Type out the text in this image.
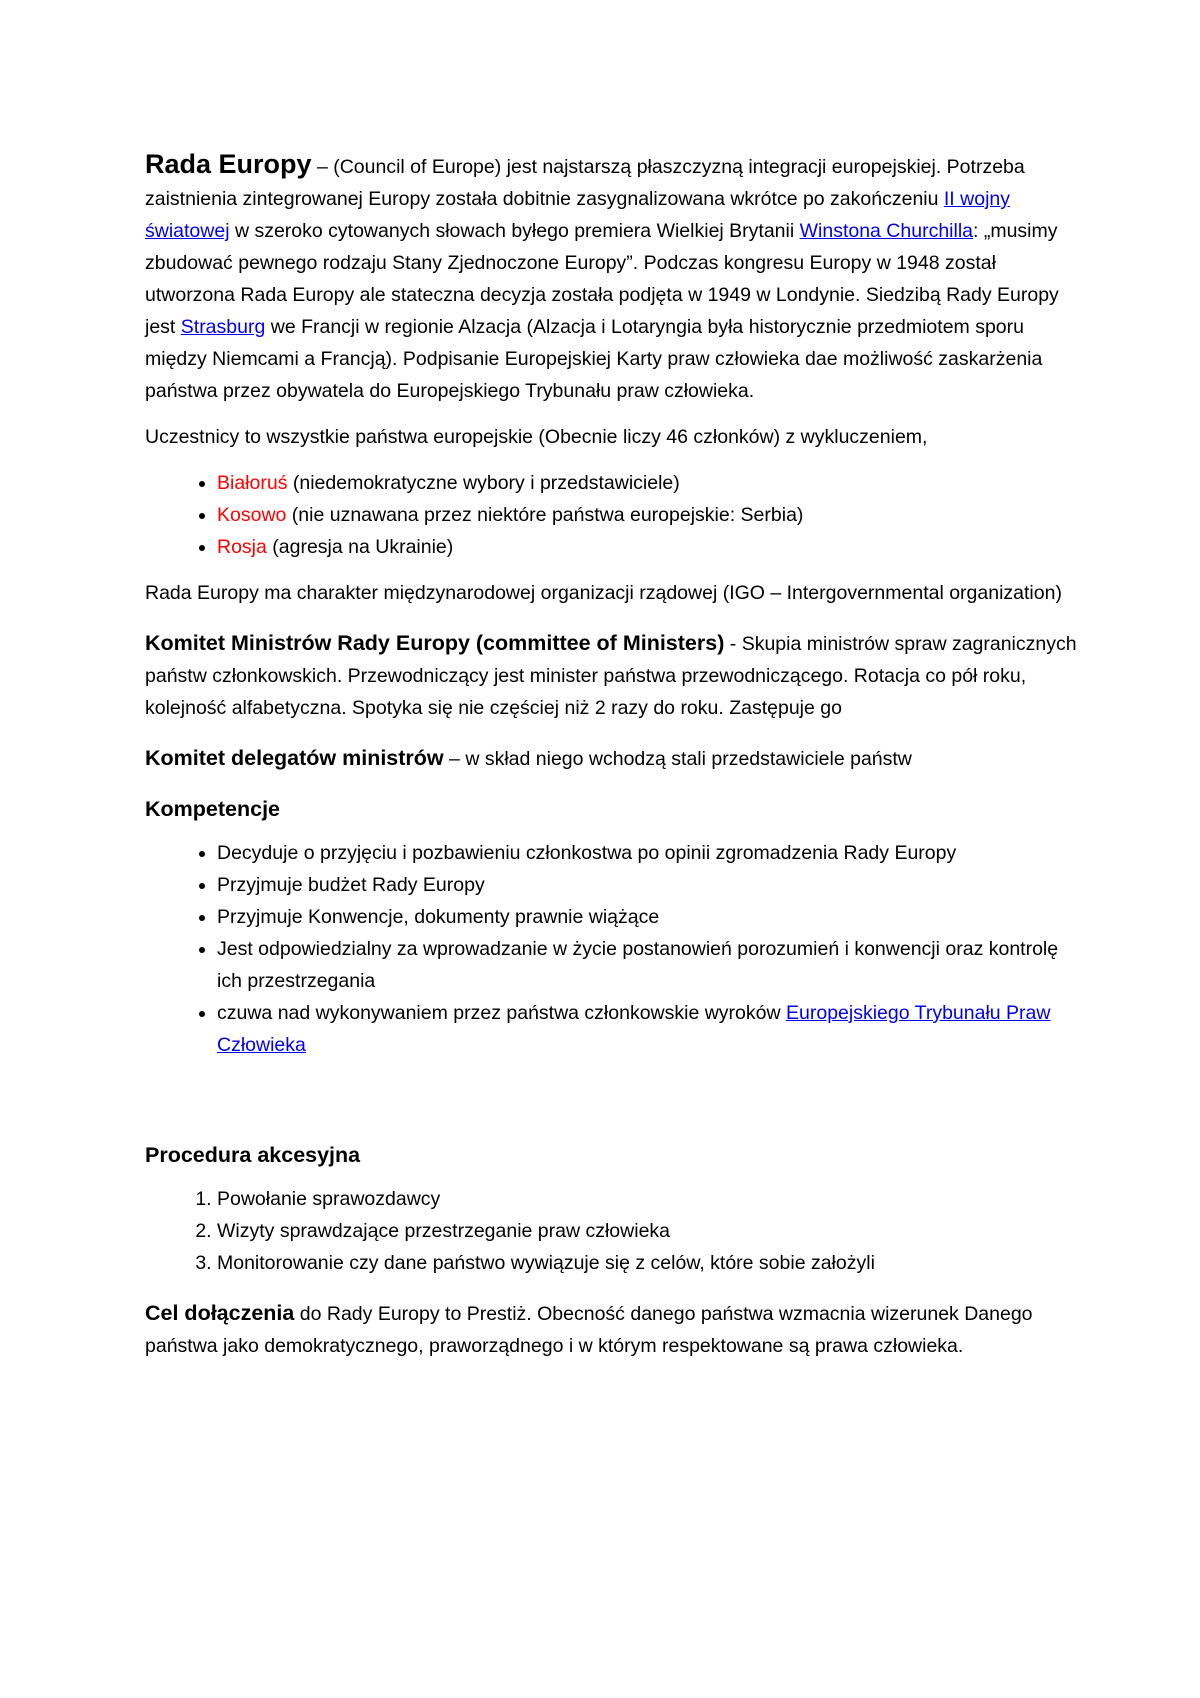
Rada Europy – (Council of Europe) jest najstarszą płaszczyzną integracji europejskiej. Potrzeba zaistnienia zintegrowanej Europy została dobitnie zasygnalizowana wkrótce po zakończeniu II wojny światowej w szeroko cytowanych słowach byłego premiera Wielkiej Brytanii Winstona Churchilla: „musimy zbudować pewnego rodzaju Stany Zjednoczone Europy”. Podczas kongresu Europy w 1948 został utworzona Rada Europy ale stateczna decyzja została podjęta w 1949 w Londynie. Siedzibą Rady Europy jest Strasburg we Francji w regionie Alzacja (Alzacja i Lotaryngia była historycznie przedmiotem sporu między Niemcami a Francją). Podpisanie Europejskiej Karty praw człowieka dae możliwość zaskarżenia państwa przez obywatela do Europejskiego Trybunału praw człowieka.

Uczestnicy to wszystkie państwa europejskie (Obecnie liczy 46 członków) z wykluczeniem,

• Białoruś (niedemokratyczne wybory i przedstawiciele)
• Kosowo (nie uznawana przez niektóre państwa europejskie: Serbia)
• Rosja (agresja na Ukrainie)

Rada Europy ma charakter międzynarodowej organizacji rządowej (IGO – Intergovernmental organization)

Komitet Ministrów Rady Europy (committee of Ministers) - Skupia ministrów spraw zagranicznych państw członkowskich. Przewodniczący jest minister państwa przewodniczącego. Rotacja co pół roku, kolejność alfabetyczna. Spotyka się nie częściej niż 2 razy do roku. Zastępuje go

Komitet delegatów ministrów – w skład niego wchodzą stali przedstawiciele państw

Kompetencje
• Decyduje o przyjęciu i pozbawieniu członkostwa po opinii zgromadzenia Rady Europy
• Przyjmuje budżet Rady Europy
• Przyjmuje Konwencje, dokumenty prawnie wiążące
• Jest odpowiedzialny za wprowadzanie w życie postanowień porozumień i konwencji oraz kontrolę ich przestrzegania
• czuwa nad wykonywaniem przez państwa członkowskie wyroków Europejskiego Trybunału Praw Człowieka
Procedura akcesyjna
1. Powołanie sprawozdawcy
2. Wizyty sprawdzające przestrzeganie praw człowieka
3. Monitorowanie czy dane państwo wywiązuje się z celów, które sobie założyli

Cel dołączenia do Rady Europy to Prestiż. Obecność danego państwa wzmacnia wizerunek Danego państwa jako demokratycznego, praworządnego i w którym respektowane są prawa człowieka.
